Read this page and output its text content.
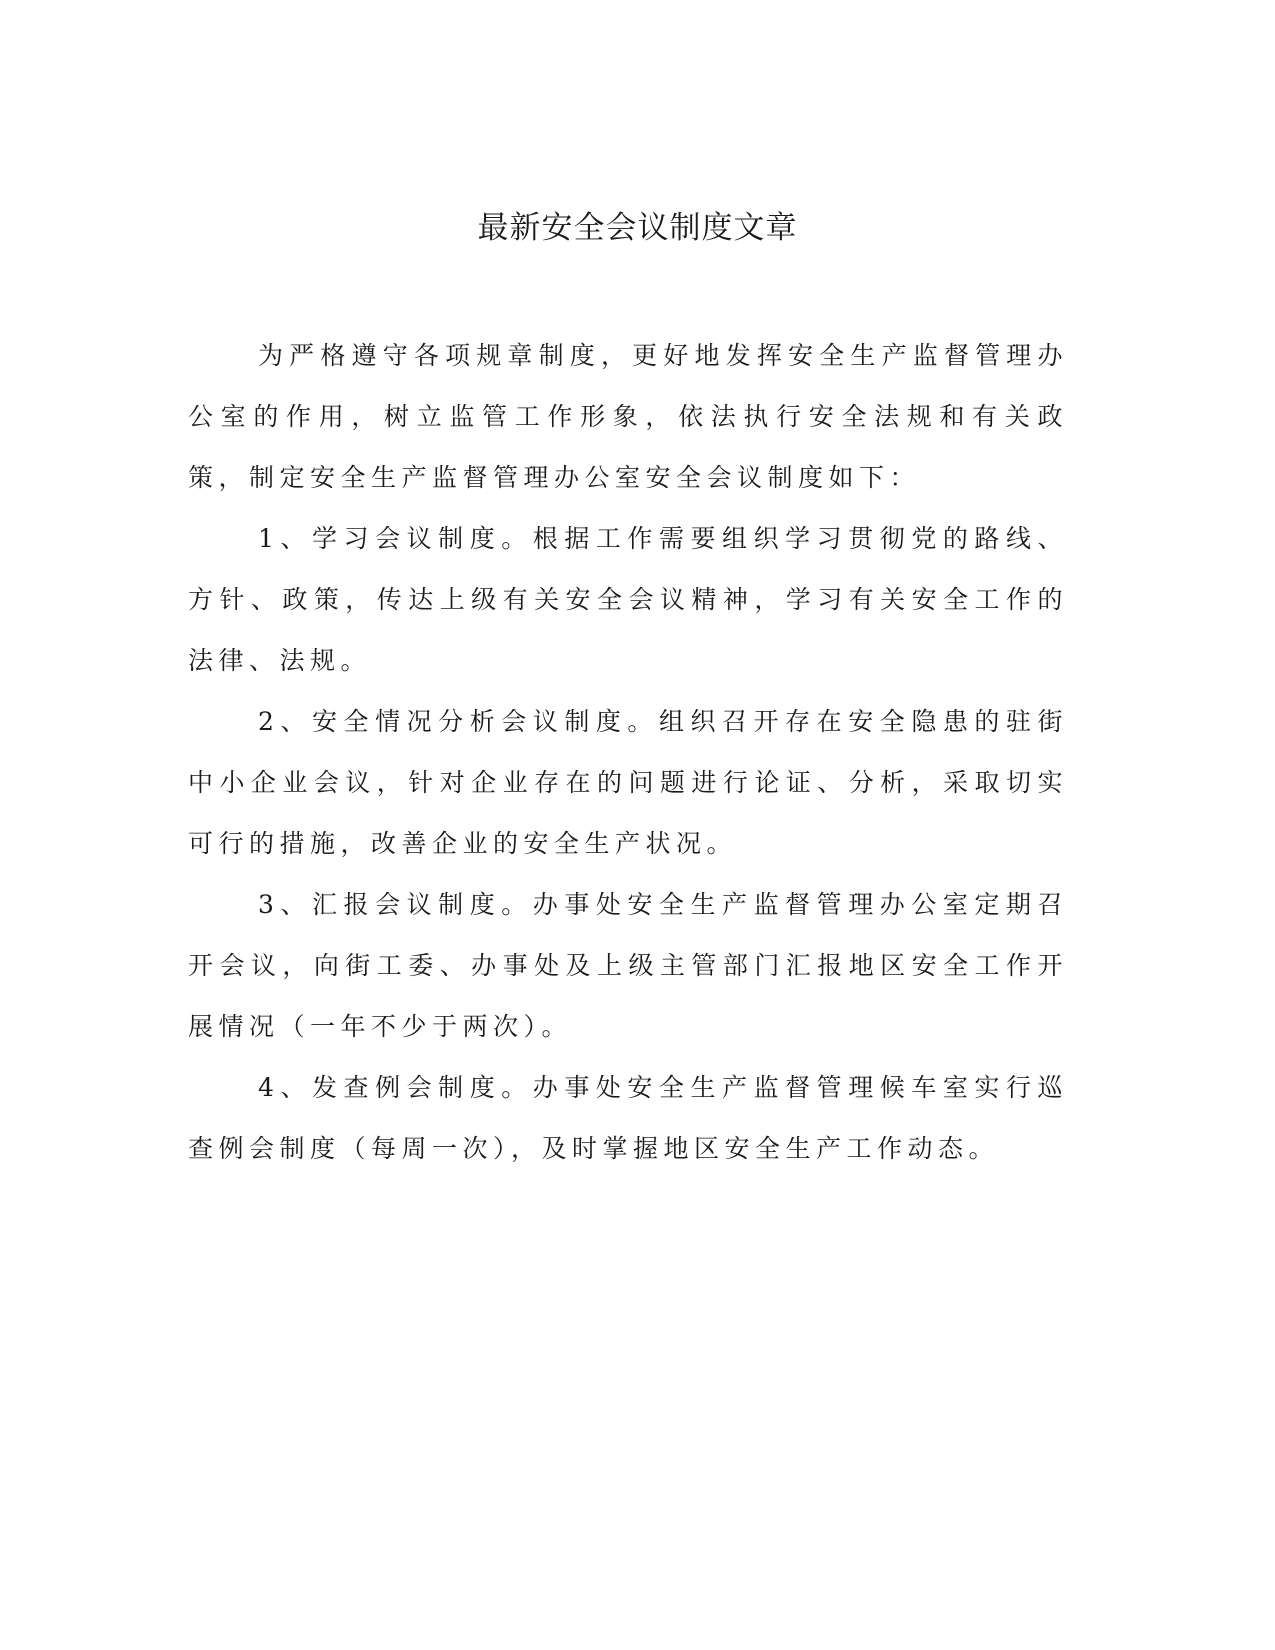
最新安全会议制度文章

为严格遵守各项规章制度，更好地发挥安全生产监督管理办公室的作用，树立监管工作形象，依法执行安全法规和有关政策，制定安全生产监督管理办公室安全会议制度如下：

1、学习会议制度。根据工作需要组织学习贯彻党的路线、方针、政策，传达上级有关安全会议精神，学习有关安全工作的法律、法规。

2、安全情况分析会议制度。组织召开存在安全隐患的驻街中小企业会议，针对企业存在的问题进行论证、分析，采取切实可行的措施，改善企业的安全生产状况。

3、汇报会议制度。办事处安全生产监督管理办公室定期召开会议，向街工委、办事处及上级主管部门汇报地区安全工作开展情况（一年不少于两次）。

4、发查例会制度。办事处安全生产监督管理候车室实行巡查例会制度（每周一次），及时掌握地区安全生产工作动态。
